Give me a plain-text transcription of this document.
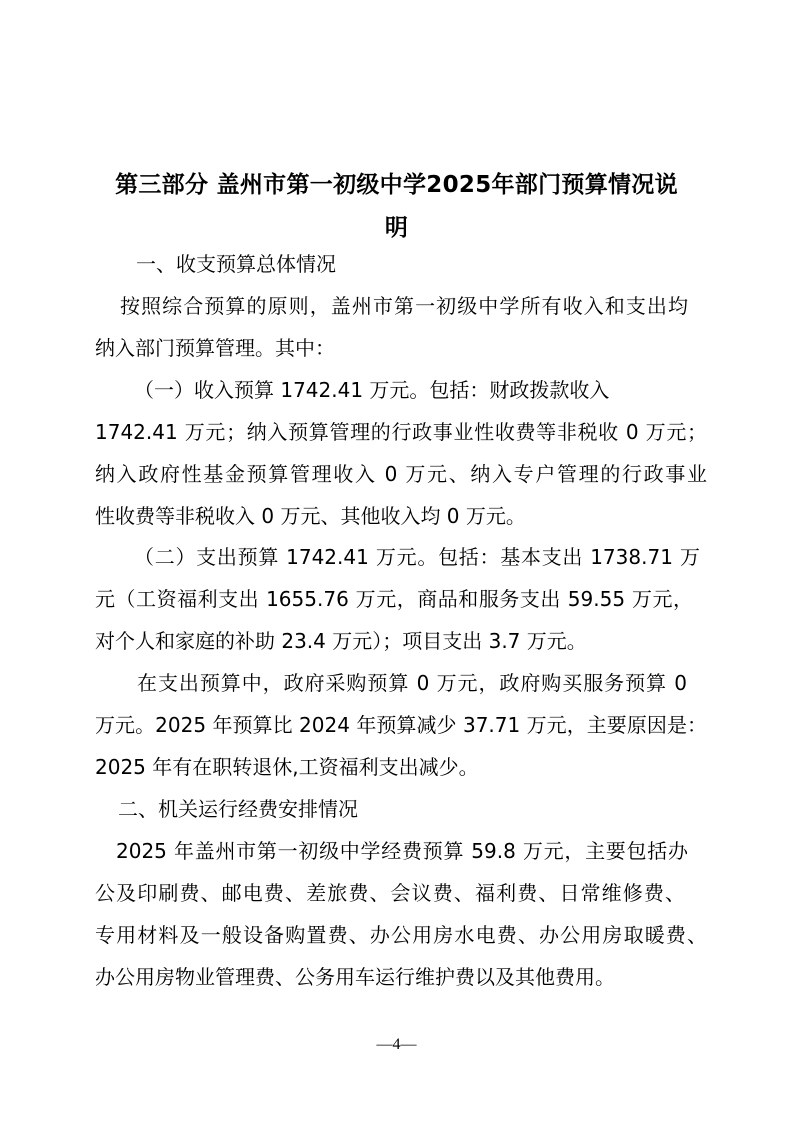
第三部分 盖州市第一初级中学2025年部门预算情况说
明
一、收支预算总体情况
按照综合预算的原则，盖州市第一初级中学所有收入和支出均
纳入部门预算管理。其中：
（一）收入预算 1742.41 万元。包括：财政拨款收入
1742.41 万元；纳入预算管理的行政事业性收费等非税收 0 万元；
纳入政府性基金预算管理收入 0 万元、纳入专户管理的行政事业
性收费等非税收入 0 万元、其他收入均 0 万元。
（二）支出预算 1742.41 万元。包括：基本支出 1738.71 万
元（工资福利支出 1655.76 万元，商品和服务支出 59.55 万元，
对个人和家庭的补助 23.4 万元）；项目支出 3.7 万元。
在支出预算中，政府采购预算 0 万元，政府购买服务预算 0
万元。2025 年预算比 2024 年预算减少 37.71 万元，主要原因是：
2025 年有在职转退休,工资福利支出减少。
二、机关运行经费安排情况
2025 年盖州市第一初级中学经费预算 59.8 万元，主要包括办
公及印刷费、邮电费、差旅费、会议费、福利费、日常维修费、
专用材料及一般设备购置费、办公用房水电费、办公用房取暖费、
办公用房物业管理费、公务用车运行维护费以及其他费用。
—4—
